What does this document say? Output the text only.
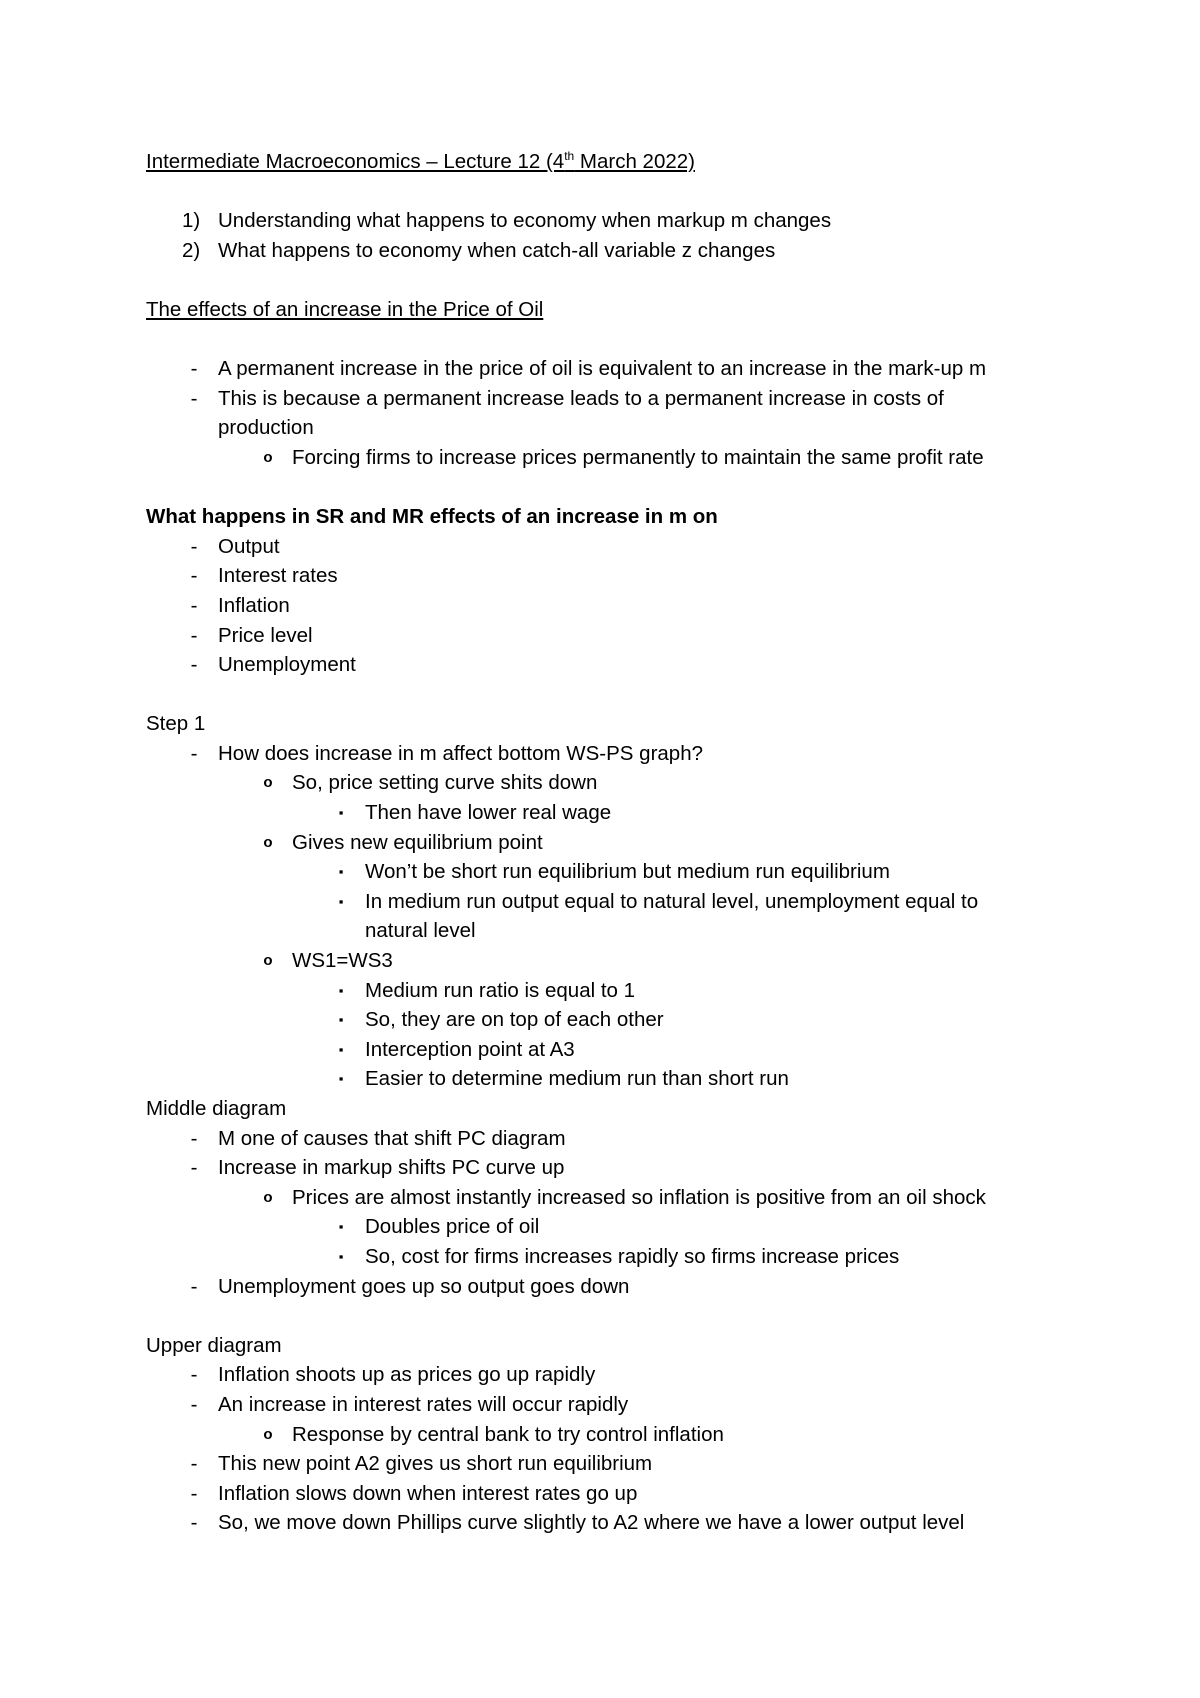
Intermediate Macroeconomics – Lecture 12 (4th March 2022)

1) Understanding what happens to economy when markup m changes

2) What happens to economy when catch-all variable z changes

The effects of an increase in the Price of Oil

-	A permanent increase in the price of oil is equivalent to an increase in the mark-up m

-	This is because a permanent increase leads to a permanent increase in costs of

production

o Forcing firms to increase prices permanently to maintain the same profit rate

What happens in SR and MR effects of an increase in m on

-	Output

-	Interest rates

-	Inflation

-	Price level

-	Unemployment

Step 1

-	How does increase in m affect bottom WS-PS graph?

o So, price setting curve shits down

▪	Then have lower real wage

o Gives new equilibrium point

▪	Won’t be short run equilibrium but medium run equilibrium

▪	In medium run output equal to natural level, unemployment equal to

natural level

o WS1=WS3

▪	Medium run ratio is equal to 1

▪	So, they are on top of each other

▪	Interception point at A3

▪	Easier to determine medium run than short run

Middle diagram

-	M one of causes that shift PC diagram

-	Increase in markup shifts PC curve up

o Prices are almost instantly increased so inflation is positive from an oil shock

▪	Doubles price of oil

▪	So, cost for firms increases rapidly so firms increase prices

-	Unemployment goes up so output goes down

Upper diagram

-	Inflation shoots up as prices go up rapidly

-	An increase in interest rates will occur rapidly

o Response by central bank to try control inflation

-	This new point A2 gives us short run equilibrium

-	Inflation slows down when interest rates go up

-	So, we move down Phillips curve slightly to A2 where we have a lower output level
